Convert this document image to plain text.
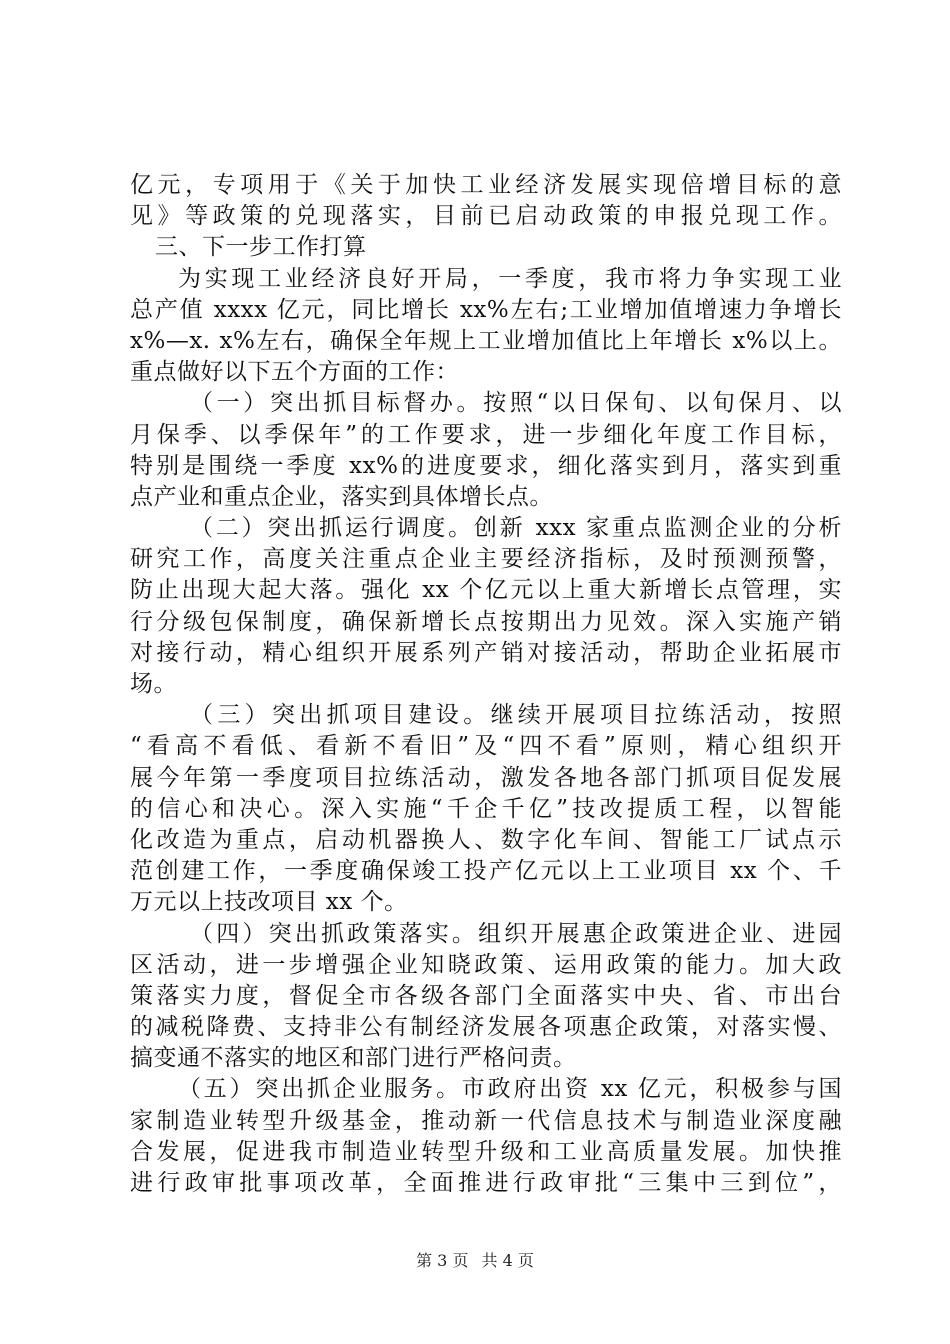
亿元，专项用于《关于加快工业经济发展实现倍增目标的意
见》等政策的兑现落实，目前已启动政策的申报兑现工作。
三、下一步工作打算
为实现工业经济良好开局，一季度，我市将力争实现工业
总产值 xxxx 亿元，同比增长 xx%左右;工业增加值增速力争增长
x%—x. x%左右，确保全年规上工业增加值比上年增长 x%以上。
重点做好以下五个方面的工作：
（一）突出抓目标督办。按照“以日保旬、以旬保月、以
月保季、以季保年”的工作要求，进一步细化年度工作目标，
特别是围绕一季度 xx%的进度要求，细化落实到月，落实到重
点产业和重点企业，落实到具体增长点。
（二）突出抓运行调度。创新 xxx 家重点监测企业的分析
研究工作，高度关注重点企业主要经济指标，及时预测预警，
防止出现大起大落。强化 xx 个亿元以上重大新增长点管理，实
行分级包保制度，确保新增长点按期出力见效。深入实施产销
对接行动，精心组织开展系列产销对接活动，帮助企业拓展市
场。
（三）突出抓项目建设。继续开展项目拉练活动，按照
“看高不看低、看新不看旧”及“四不看”原则，精心组织开
展今年第一季度项目拉练活动，激发各地各部门抓项目促发展
的信心和决心。深入实施“千企千亿”技改提质工程，以智能
化改造为重点，启动机器换人、数字化车间、智能工厂试点示
范创建工作，一季度确保竣工投产亿元以上工业项目 xx 个、千
万元以上技改项目 xx 个。
（四）突出抓政策落实。组织开展惠企政策进企业、进园
区活动，进一步增强企业知晓政策、运用政策的能力。加大政
策落实力度，督促全市各级各部门全面落实中央、省、市出台
的减税降费、支持非公有制经济发展各项惠企政策，对落实慢、
搞变通不落实的地区和部门进行严格问责。
（五）突出抓企业服务。市政府出资 xx 亿元，积极参与国
家制造业转型升级基金，推动新一代信息技术与制造业深度融
合发展，促进我市制造业转型升级和工业高质量发展。加快推
进行政审批事项改革，全面推进行政审批“三集中三到位”，
第 3 页 共 4 页
